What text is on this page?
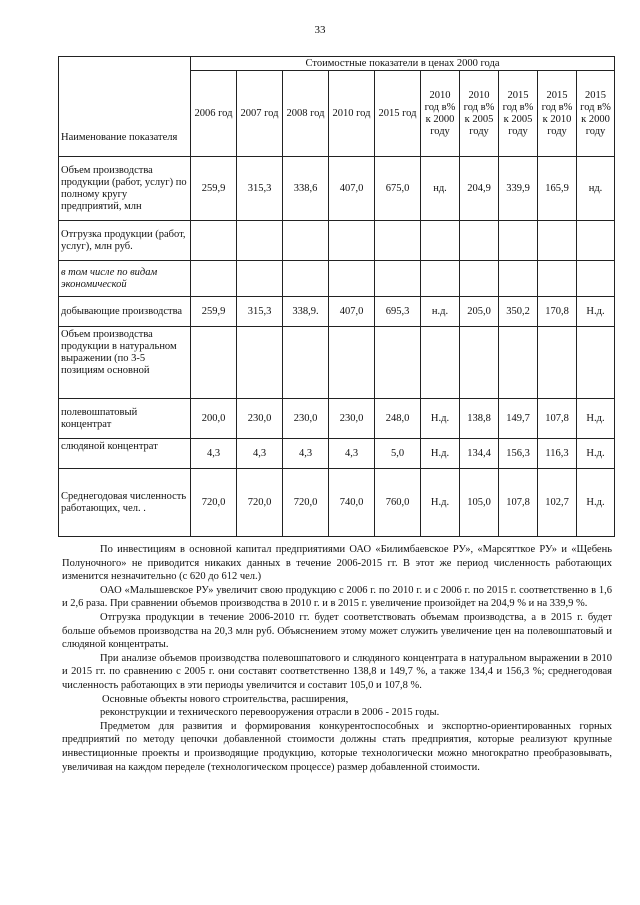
33
Наименование показателя	Стоимостные показатели в ценах 2000 года									
	2006 год	2007 год	2008 год	2010 год	2015 год	2010 год в% к 2000 году	2010 год в% к 2005 году	2015 год в% к 2005 году	2015 год в% к 2010 году	2015 год в% к 2000 году
Объем производства продукции (работ, услуг) по полному кругу предприятий, млн	259,9	315,3	338,6	407,0	675,0	нд.	204,9	339,9	165,9	нд.
Отгрузка продукции (работ, услуг), млн руб.										
в том числе по видам экономической										
добывающие производства	259,9	315,3	338,9.	407,0	695,3	н.д.	205,0	350,2	170,8	Н.д.
Объем производства продукции в натуральном выражении (по 3-5 позициям основной										
полевошпатовый концентрат	200,0	230,0	230,0	230,0	248,0	Н.д.	138,8	149,7	107,8	Н.д.
слюдяной концентрат	4,3	4,3	4,3	4,3	5,0	Н.д.	134,4	156,3	116,3	Н.д.
Среднегодовая численность работающих, чел. .	720,0	720,0	720,0	740,0	760,0	Н.д.	105,0	107,8	102,7	Н.д.

По инвестициям в основной капитал предприятиями ОАО «Билимбаевское РУ», «Марсятткое РУ» и «Щебень Полуночного» не приводится никаких данных в течение 2006-2015 гг. В этот же период численность работающих изменится незначительно (с 620 до 612 чел.)

ОАО «Малышевское РУ» увеличит свою продукцию с 2006 г. по 2010 г. и с 2006 г. по 2015 г. соответственно в 1,6 и 2,6 раза. При сравнении объемов производства в 2010 г. и в 2015 г. увеличение произойдет на 204,9 % и на 339,9 %.

Отгрузка продукции в течение 2006-2010 гг. будет соответствовать объемам производства, а в 2015 г. будет больше объемов производства на 20,3 млн руб. Объяснением этому может служить увеличение цен на полевошпатовый и слюдяной концентраты.

При анализе объемов производства полевошпатового и слюдяного концентрата в натуральном выражении в 2010 и 2015 гг. по сравнению с 2005 г. они составят соответственно 138,8 и 149,7 %, а также 134,4 и 156,3 %; среднегодовая численность работающих в эти периоды увеличится и составит 105,0 и 107,8 %.

Основные объекты нового строительства, расширения,

реконструкции и технического перевооружения отрасли в 2006 - 2015 годы.

Предметом для развития и формирования конкурентоспособных и экспортно-ориентированных горных предприятий по методу цепочки добавленной стоимости должны стать предприятия, которые реализуют крупные инвестиционные проекты и производящие продукцию, которые технологически можно многократно преобразовывать, увеличивая на каждом переделе (технологическом процессе) размер добавленной стоимости.
